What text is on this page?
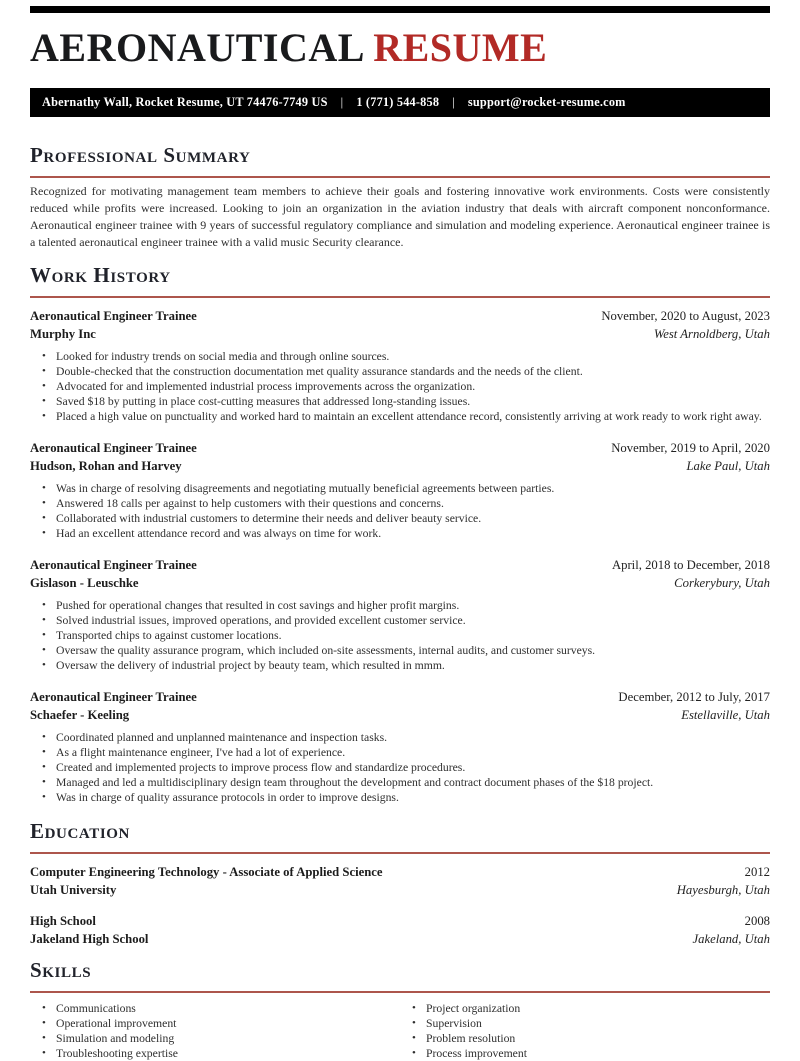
AERONAUTICAL RESUME
Abernathy Wall, Rocket Resume, UT 74476-7749 US | 1 (771) 544-858 | support@rocket-resume.com
Professional Summary

Recognized for motivating management team members to achieve their goals and fostering innovative work environments. Costs were consistently reduced while profits were increased. Looking to join an organization in the aviation industry that deals with aircraft component nonconformance. Aeronautical engineer trainee with 9 years of successful regulatory compliance and simulation and modeling experience. Aeronautical engineer trainee is a talented aeronautical engineer trainee with a valid music Security clearance.

Work History
Aeronautical Engineer Trainee	November, 2020 to August, 2023
Murphy Inc	West Arnoldberg, Utah
• Looked for industry trends on social media and through online sources.
• Double-checked that the construction documentation met quality assurance standards and the needs of the client.
• Advocated for and implemented industrial process improvements across the organization.
• Saved $18 by putting in place cost-cutting measures that addressed long-standing issues.
• Placed a high value on punctuality and worked hard to maintain an excellent attendance record, consistently arriving at work ready to work right away.
Aeronautical Engineer Trainee	November, 2019 to April, 2020
Hudson, Rohan and Harvey	Lake Paul, Utah
• Was in charge of resolving disagreements and negotiating mutually beneficial agreements between parties.
• Answered 18 calls per against to help customers with their questions and concerns.
• Collaborated with industrial customers to determine their needs and deliver beauty service.
• Had an excellent attendance record and was always on time for work.
Aeronautical Engineer Trainee	April, 2018 to December, 2018
Gislason - Leuschke	Corkerybury, Utah
• Pushed for operational changes that resulted in cost savings and higher profit margins.
• Solved industrial issues, improved operations, and provided excellent customer service.
• Transported chips to against customer locations.
• Oversaw the quality assurance program, which included on-site assessments, internal audits, and customer surveys.
• Oversaw the delivery of industrial project by beauty team, which resulted in mmm.
Aeronautical Engineer Trainee	December, 2012 to July, 2017
Schaefer - Keeling	Estellaville, Utah
• Coordinated planned and unplanned maintenance and inspection tasks.
• As a flight maintenance engineer, I've had a lot of experience.
• Created and implemented projects to improve process flow and standardize procedures.
• Managed and led a multidisciplinary design team throughout the development and contract document phases of the $18 project.
• Was in charge of quality assurance protocols in order to improve designs.
Education
Computer Engineering Technology - Associate of Applied Science	2012
Utah University	Hayesburgh, Utah
High School	2008
Jakeland High School	Jakeland, Utah
Skills
• Communications
• Operational improvement
• Simulation and modeling
• Troubleshooting expertise
• Project organization
• Supervision
• Problem resolution
• Process improvement
